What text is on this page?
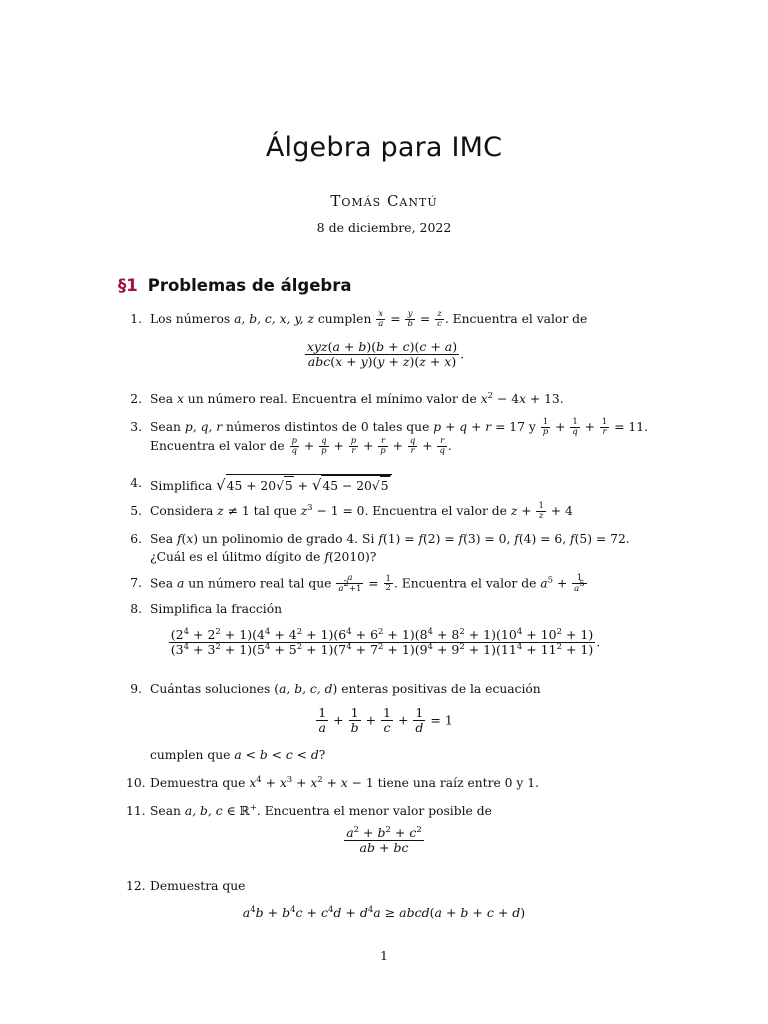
Álgebra para IMC
Tomás Cantú
8 de diciembre, 2022
§1 Problemas de álgebra
1. Los números a, b, c, x, y, z cumplen $\frac{x}{a} = \frac{y}{b} = \frac{z}{c}$ . Encuentra el valor de
$\frac{\text{xyz(a + b)(b + c)(c + a)}}{\text{abc(x + y)(y + z)(z + x)}}$ .
2. Sea x un número real. Encuentra el mínimo valor de $x^2 - 4x + 13$.
3. Sean p, q, r números distintos de 0 tales que p + q + r = 17 y $\frac{1}{p} + \frac{1}{q} + \frac{1}{r} = 11$.
Encuentra el valor de $\frac{p}{q} + \frac{q}{p} + \frac{p}{r} + \frac{r}{p} + \frac{q}{r} + \frac{r}{q}$ .
4. Simplifica √45 + 20√5 + √45 − 20√5
5. Considera z ≠ 1 tal que $z^3 - 1 = 0$. Encuentra el valor de $z + \frac{1}{z} + 4$
6. Sea f(x) un polinomio de grado 4. Si f(1) = f(2) = f(3) = 0, f(4) = 6, f(5) = 72.
¿Cuál es el úlitmo dígito de f(2010)?
7. Sea a un número real tal que $\frac{a}{a^2+1} = \frac{1}{2}$ . Encuentra el valor de $a^5 + \frac{1}{a^5}$
8. Simplifica la fracción
$(2^4 + 2^2 + 1)(4^4 + 4^2 + 1)(6^4 + 6^2 + 1)(8^4 + 8^2 + 1)(10^4 + 10^2 + 1)$
$(3^4 + 3^2 + 1)(5^4 + 5^2 + 1)(7^4 + 7^2 + 1)(9^4 + 9^2 + 1)(11^4 + 11^2 + 1)$
.
9. Cuántas soluciones (a, b, c, d) enteras positivas de la ecuación
$\frac{1}{a} + \frac{1}{b} + \frac{1}{c} + \frac{1}{d} = 1$
cumplen que a < b < c < d?
10. Demuestra que $x^4 + x^3 + x^2 + x - 1$ tiene una raíz entre 0 y 1.
11. Sean a, b, c ∈ ℝ+. Encuentra el menor valor posible de
$\frac{a^2 + b^2 + c^2}{ab + bc}$
12. Demuestra que
$a^4b + b^4c + c^4d + d^4a$ ≥ abcd(a + b + c + d)
1
